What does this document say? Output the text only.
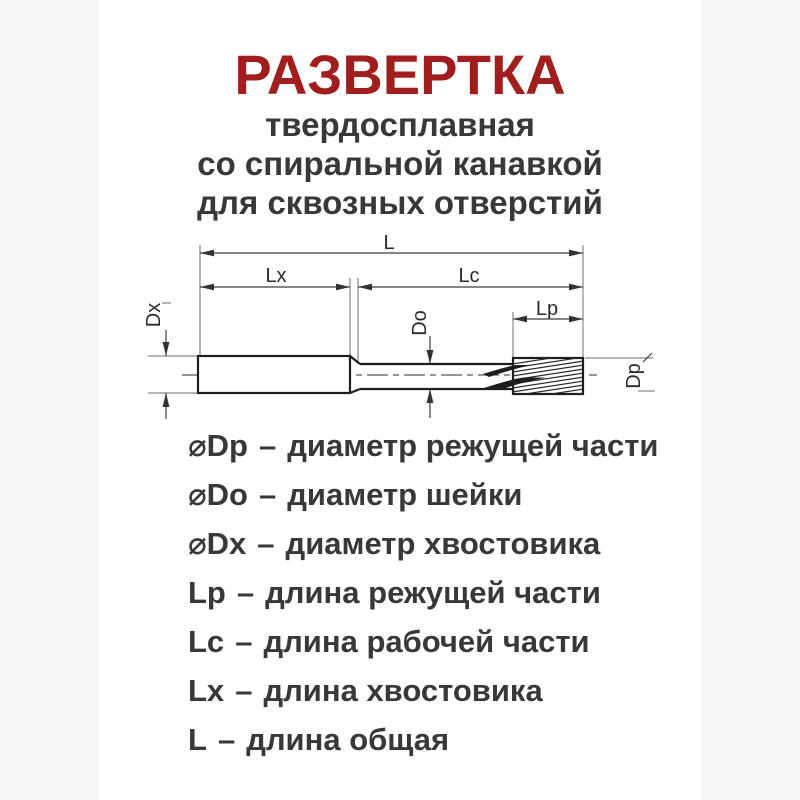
РАЗВЕРТКА
твердосплавная
со спиральной канавкой
для сквозных отверстий
L
Lx	Lc
Lp
Dx	Do
Dp
⌀Dp – диаметр режущей части
⌀Do – диаметр шейки
⌀Dx – диаметр хвостовика
Lp – длина режущей части
Lc – длина рабочей части
Lx – длина хвостовика
L – длина общая
